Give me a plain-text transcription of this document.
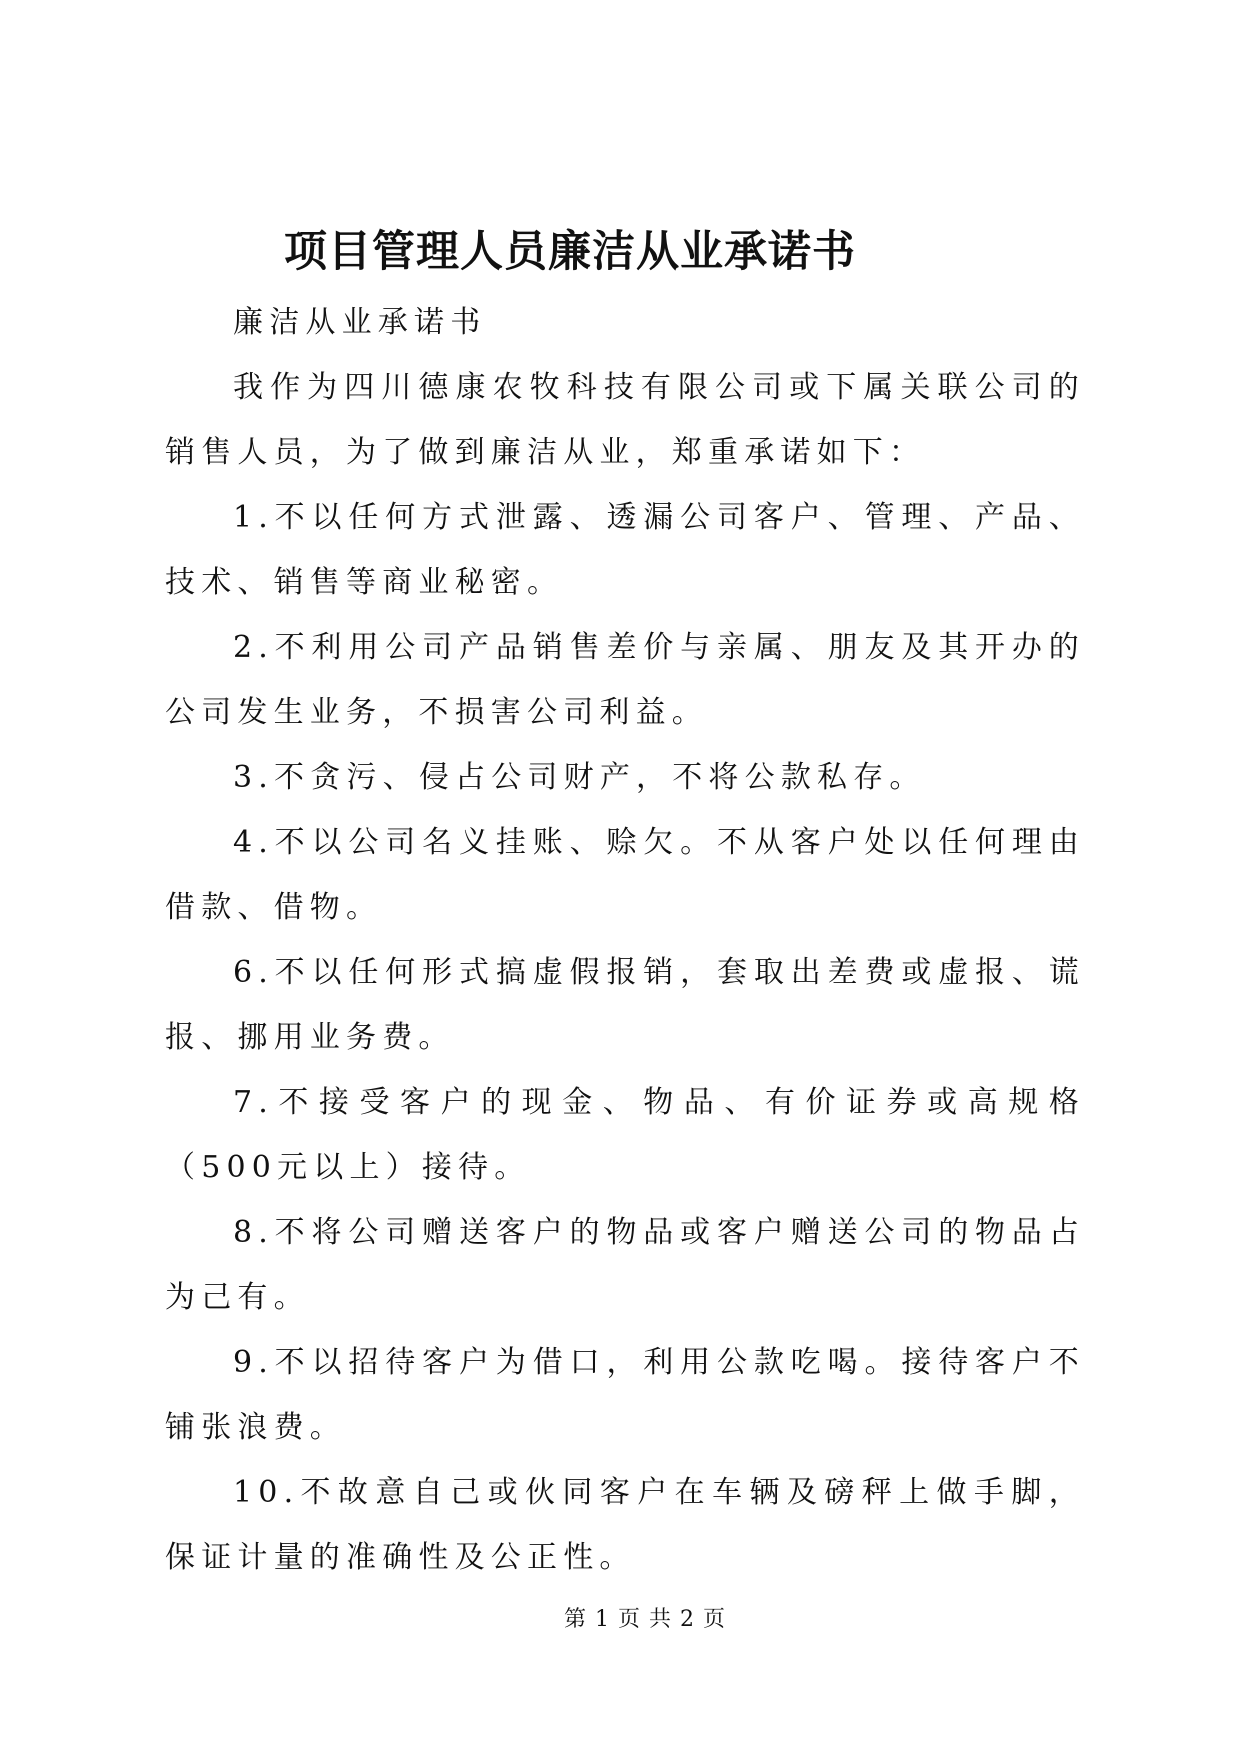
项目管理人员廉洁从业承诺书

廉洁从业承诺书

我作为四川德康农牧科技有限公司或下属关联公司的销售人员，为了做到廉洁从业，郑重承诺如下：

1.不以任何方式泄露、透漏公司客户、管理、产品、技术、销售等商业秘密。

2.不利用公司产品销售差价与亲属、朋友及其开办的公司发生业务，不损害公司利益。

3.不贪污、侵占公司财产，不将公款私存。

4.不以公司名义挂账、赊欠。不从客户处以任何理由借款、借物。

6.不以任何形式搞虚假报销，套取出差费或虚报、谎报、挪用业务费。

7.不接受客户的现金、物品、有价证券或高规格（500元以上）接待。

8.不将公司赠送客户的物品或客户赠送公司的物品占为己有。

9.不以招待客户为借口，利用公款吃喝。接待客户不铺张浪费。

10.不故意自己或伙同客户在车辆及磅秤上做手脚，保证计量的准确性及公正性。

第 1 页 共 2 页
